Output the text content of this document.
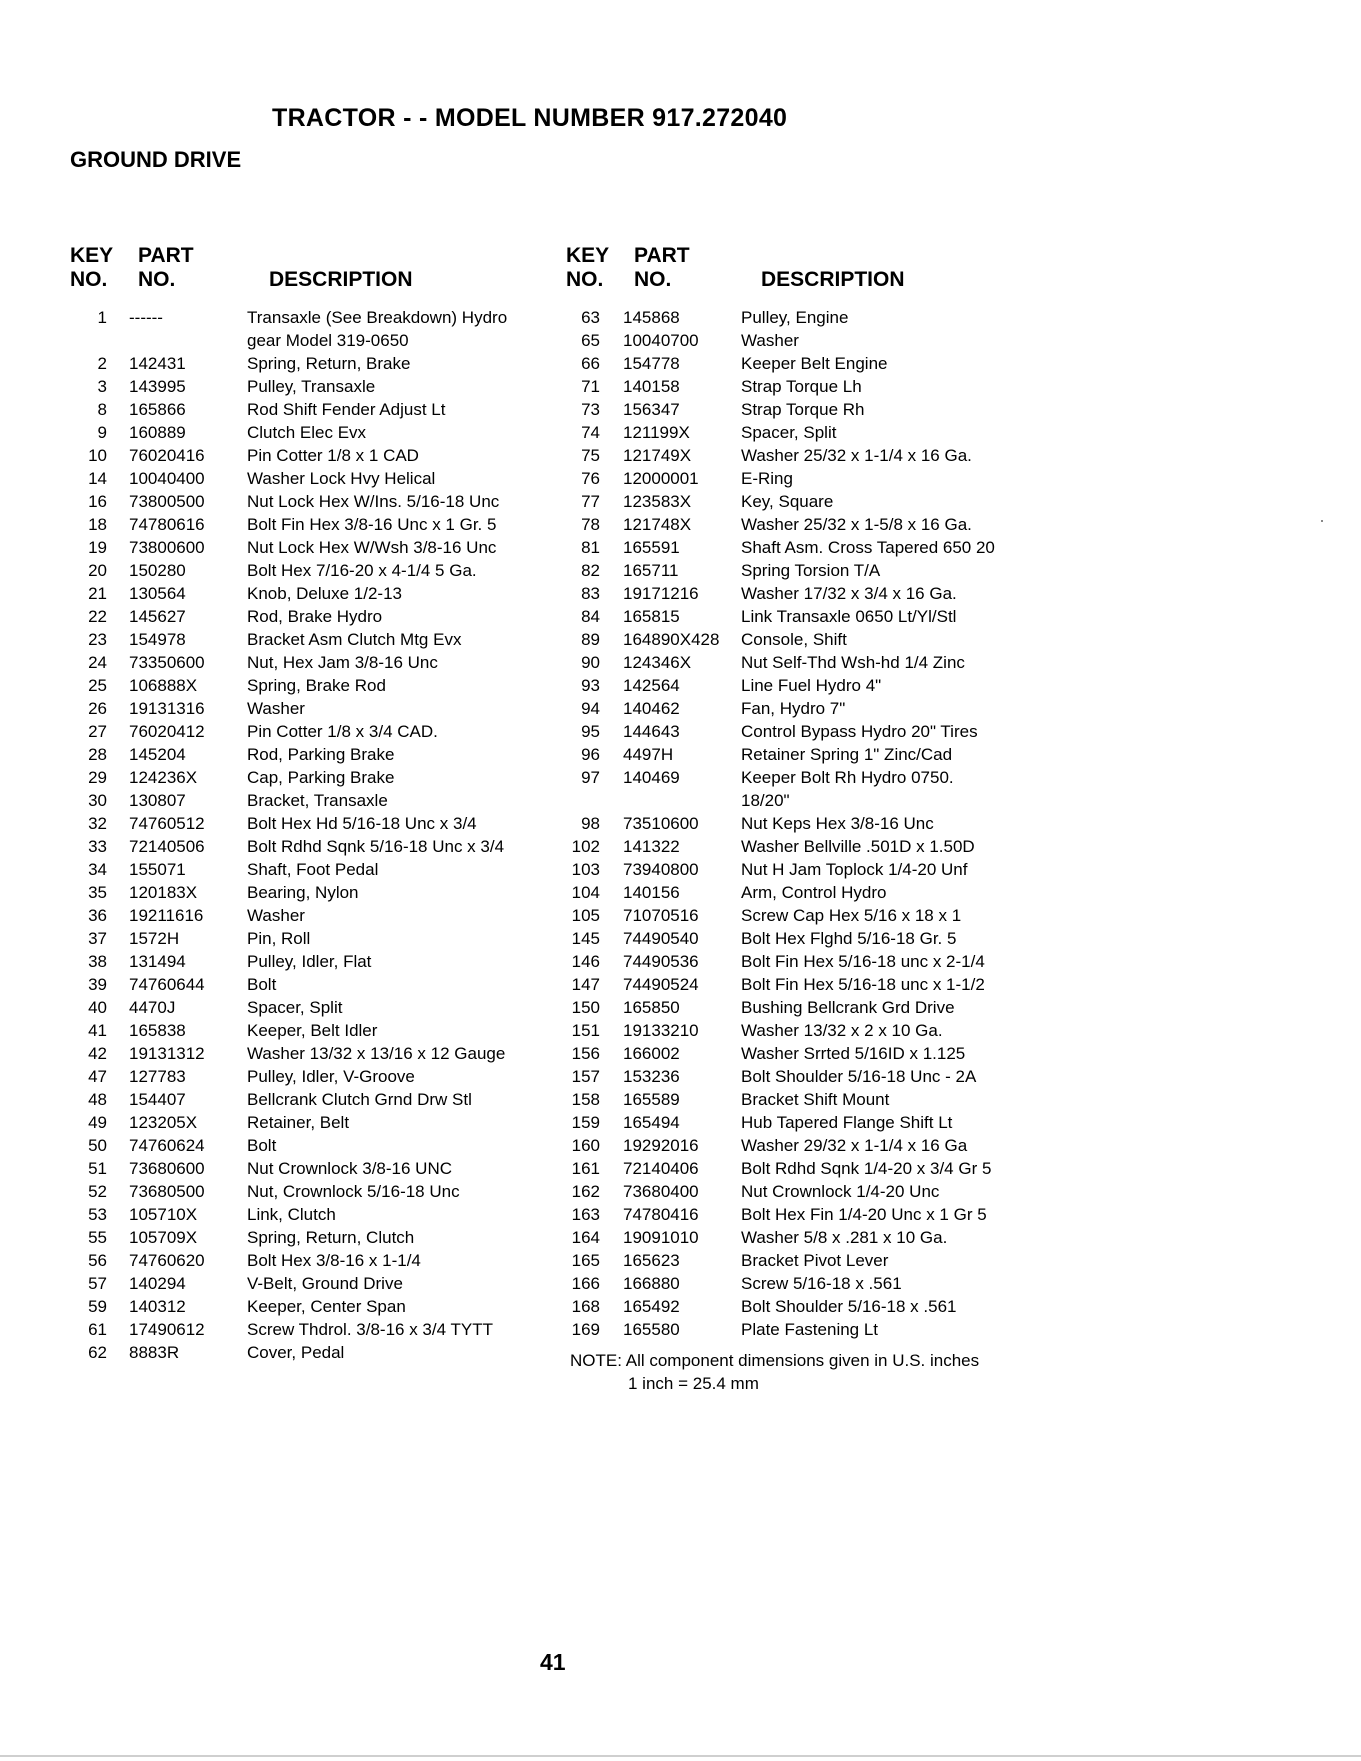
TRACTOR - - MODEL NUMBER 917.272040
GROUND DRIVE
KEY
NO.
PART
NO.	DESCRIPTION
1 ------	Transaxle (See Breakdown) Hydro
gear Model 319-0650
2 142431	Spring, Return, Brake
3 143995	Pulley, Transaxle
8 165866	Rod Shift Fender Adjust Lt
9 160889	Clutch Elec Evx
10 76020416 Pin Cotter 1/8 x 1 CAD
14 10040400 Washer Lock Hvy Helical
16 73800500 Nut Lock Hex W/Ins. 5/16-18 Unc
18 74780616 Bolt Fin Hex 3/8-16 Unc x 1 Gr. 5
19 73800600 Nut Lock Hex W/Wsh 3/8-16 Unc
20 150280	Bolt Hex 7/16-20 x 4-1/4 5 Ga.
21 130564	Knob, Deluxe 1/2-13
22 145627	Rod, Brake Hydro
23 154978	Bracket Asm Clutch Mtg Evx
24 73350600 Nut, Hex Jam 3/8-16 Unc
25 106888X	Spring, Brake Rod
26 19131316 Washer
27 76020412 Pin Cotter 1/8 x 3/4 CAD.
28 145204	Rod, Parking Brake
29 124236X	Cap, Parking Brake
30 130807	Bracket, Transaxle
32 74760512 Bolt Hex Hd 5/16-18 Unc x 3/4
33 72140506 Bolt Rdhd Sqnk 5/16-18 Unc x 3/4
34 155071	Shaft, Foot Pedal
35 120183X	Bearing, Nylon
36 19211616	Washer
37 1572H	Pin, Roll
38 131494	Pulley, Idler, Flat
39 74760644 Bolt
40 4470J	Spacer, Split
41 165838	Keeper, Belt Idler
42 19131312 Washer 13/32 x 13/16 x 12 Gauge
47 127783	Pulley, Idler, V-Groove
48 154407	Bellcrank Clutch Grnd Drw Stl
49 123205X	Retainer, Belt
50 74760624 Bolt
51 73680600 Nut Crownlock 3/8-16 UNC
52 73680500 Nut, Crownlock 5/16-18 Unc
53 105710X	Link, Clutch
55 105709X	Spring, Return, Clutch
56 74760620 Bolt Hex 3/8-16 x 1-1/4
57 140294	V-Belt, Ground Drive
59 140312	Keeper, Center Span
61 17490612 Screw Thdrol. 3/8-16 x 3/4 TYTT
62 8883R	Cover, Pedal
KEY
NO.
PART
NO.	DESCRIPTION
63 145868	Pulley, Engine
65 10040700 Washer
66 154778	Keeper Belt Engine
71 140158	Strap Torque Lh
73 156347	Strap Torque Rh
74 121199X	Spacer, Split
75 121749X	Washer 25/32 x 1-1/4 x 16 Ga.
76 12000001 E-Ring
77 123583X	Key, Square
78 121748X	Washer 25/32 x 1-5/8 x 16 Ga.
81 165591	Shaft Asm. Cross Tapered 650 20
82 165711	Spring Torsion T/A
83 19171216 Washer 17/32 x 3/4 x 16 Ga.
84 165815	Link Transaxle 0650 Lt/Yl/Stl
89 164890X428 Console, Shift
90 124346X	Nut Self-Thd Wsh-hd 1/4 Zinc
93 142564	Line Fuel Hydro 4"
94 140462	Fan, Hydro 7"
95 144643	Control Bypass Hydro 20" Tires
96 4497H	Retainer Spring 1" Zinc/Cad
97 140469	Keeper Bolt Rh Hydro 0750.
18/20"
98 73510600 Nut Keps Hex 3/8-16 Unc
102 141322	Washer Bellville .501D x 1.50D
103 73940800 Nut H Jam Toplock 1/4-20 Unf
104 140156	Arm, Control Hydro
105 71070516 Screw Cap Hex 5/16 x 18 x 1
145 74490540 Bolt Hex Flghd 5/16-18 Gr. 5
146 74490536 Bolt Fin Hex 5/16-18 unc x 2-1/4
147 74490524 Bolt Fin Hex 5/16-18 unc x 1-1/2
150 165850	Bushing Bellcrank Grd Drive
151 19133210 Washer 13/32 x 2 x 10 Ga.
156 166002	Washer Srrted 5/16ID x 1.125
157 153236	Bolt Shoulder 5/16-18 Unc - 2A
158 165589	Bracket Shift Mount
159 165494	Hub Tapered Flange Shift Lt
160 19292016 Washer 29/32 x 1-1/4 x 16 Ga
161 72140406 Bolt Rdhd Sqnk 1/4-20 x 3/4 Gr 5
162 73680400 Nut Crownlock 1/4-20 Unc
163 74780416 Bolt Hex Fin 1/4-20 Unc x 1 Gr 5
164 19091010 Washer 5/8 x .281 x 10 Ga.
165 165623	Bracket Pivot Lever
166 166880	Screw 5/16-18 x .561
168 165492	Bolt Shoulder 5/16-18 x .561
169 165580	Plate Fastening Lt
NOTE: All component dimensions given in U.S. inches
1 inch = 25.4 mm
41
